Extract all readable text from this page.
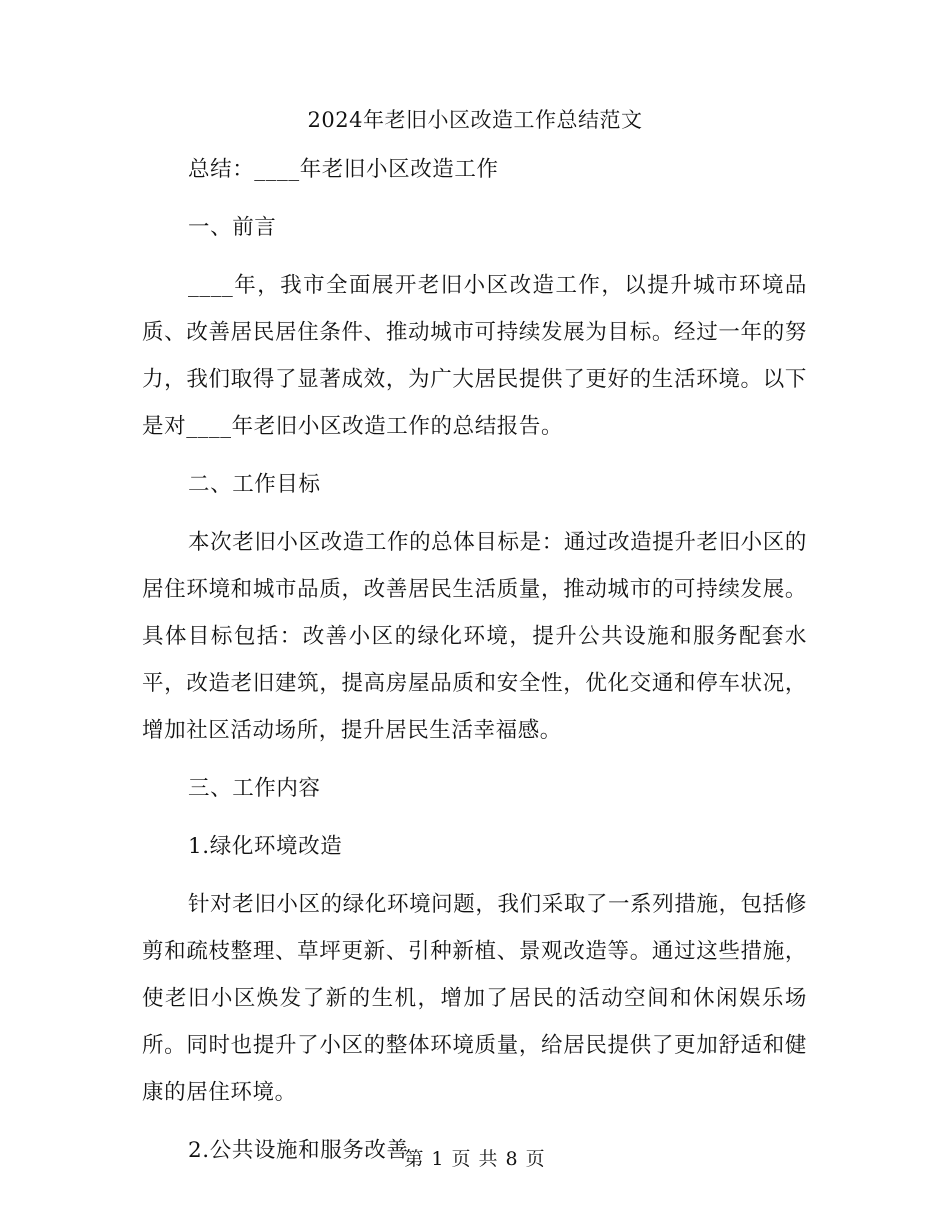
2024年老旧小区改造工作总结范文

总结：____年老旧小区改造工作

一、前言

____年，我市全面展开老旧小区改造工作，以提升城市环境品质、改善居民居住条件、推动城市可持续发展为目标。经过一年的努力，我们取得了显著成效，为广大居民提供了更好的生活环境。以下是对____年老旧小区改造工作的总结报告。

二、工作目标

本次老旧小区改造工作的总体目标是：通过改造提升老旧小区的居住环境和城市品质，改善居民生活质量，推动城市的可持续发展。具体目标包括：改善小区的绿化环境，提升公共设施和服务配套水平，改造老旧建筑，提高房屋品质和安全性，优化交通和停车状况，增加社区活动场所，提升居民生活幸福感。

三、工作内容

1.绿化环境改造

针对老旧小区的绿化环境问题，我们采取了一系列措施，包括修剪和疏枝整理、草坪更新、引种新植、景观改造等。通过这些措施，使老旧小区焕发了新的生机，增加了居民的活动空间和休闲娱乐场所。同时也提升了小区的整体环境质量，给居民提供了更加舒适和健康的居住环境。

2.公共设施和服务改善

第 1 页 共 8 页
